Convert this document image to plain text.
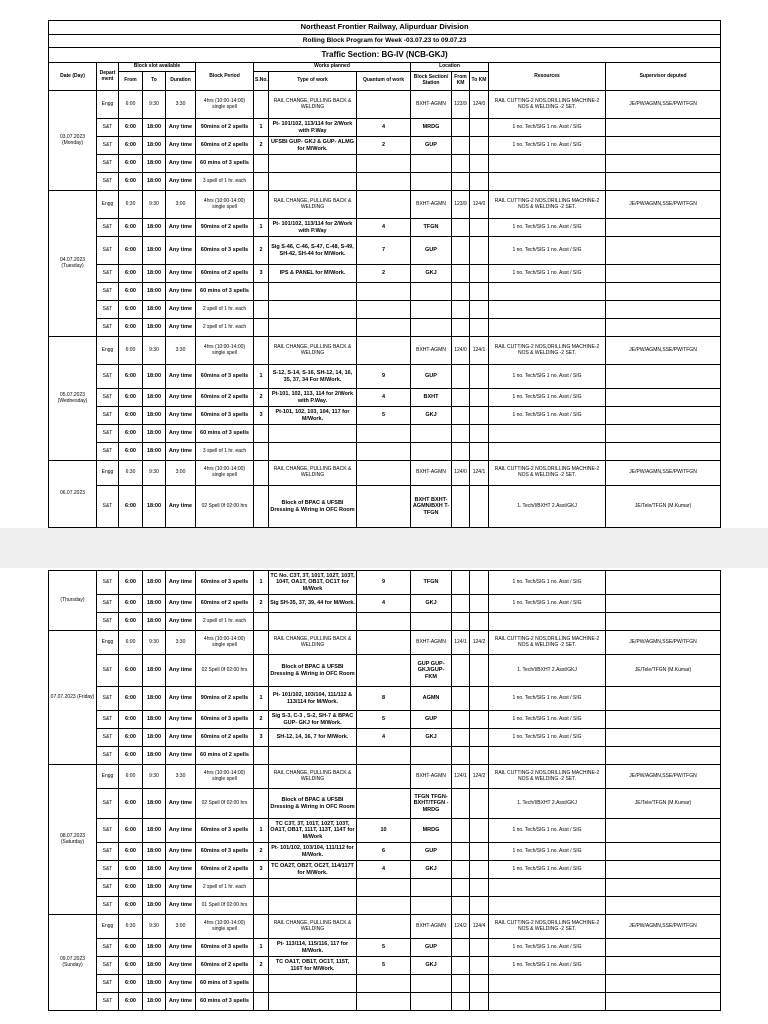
Northeast Frontier Railway, Alipurduar Division													
Rolling Block Program for Week -03.07.23 to 09.07.23													
Traffic Section: BG-IV (NCB-GKJ)													
Date (Day)	Depart ment	Block slot available			Block Period	Works planned			Location			Resources	Supervisor deputed
		From	To	Duration		S.No.	Type of work	Quantum of work	Block Section/ Station	From KM	To KM		
03.07.2023 (Monday)	Engg	6:00	9:30	3:30	4hrs (10:00-14:00) single spell		RAIL CHANGE, PULLING BACK & WELDING		BXHT-AGMN	123/9	124/0	RAIL CUTTING-2 NOS,DRILLING MACHINE-2 NOS & WELDING -2 SET.	JE/PW/AGMN,SSE/PW/TFGN
	S&T	6:00	18:00	Any time	90mins of 2 spells	1	Pt- 101/102, 113/114 for 2/Work with P.Way	4	MRDG			1 no. Tech/SIG 1 no. Asst / SIG	
	S&T	6:00	18:00	Any time	60mins of 2 spells	2	UFSBI GUP- GKJ & GUP- ALMG for M/Work.	2	GUP			1 no. Tech/SIG 1 no. Asst / SIG	
	S&T	6:00	18:00	Any time	60 mins of 3 spells								
	S&T	6:00	18:00	Any time	3 spell of 1 hr. each								
04.07.2023 (Tuesday)	Engg	6:30	9:30	3:00	4hrs (10:00-14:00) single spell		RAIL CHANGE, PULLING BACK & WELDING		BXHT-AGMN	123/9	124/0	RAIL CUTTING-2 NOS,DRILLING MACHINE-2 NOS & WELDING -2 SET.	JE/PW/AGMN,SSE/PW/TFGN
	S&T	6:00	18:00	Any time	90mins of 2 spells	1	Pt- 101/102, 113/114 for 2/Work with P.Way	4	TFGN			1 no. Tech/SIG 1 no. Asst / SIG	
	S&T	6:00	18:00	Any time	60mins of 3 spells	2	Sig S-46, C-46, S-47, C-48, S-49, SH-42, SH-44 for M/Work.	7	GUP			1 no. Tech/SIG 1 no. Asst / SIG	
	S&T	6:00	18:00	Any time	60mins of 2 spells	3	IPS & PANEL for M/Work.	2	GKJ			1 no. Tech/SIG 1 no. Asst / SIG	
	S&T	6:00	18:00	Any time	60 mins of 3 spells								
	S&T	6:00	18:00	Any time	2 spell of 1 hr. each								
	S&T	6:00	18:00	Any time	2 spell of 1 hr. each								
05.07.2023 (Wednesday)	Engg	6:00	9:30	3:30	4hrs (10:00-14:00) single spell		RAIL CHANGE, PULLING BACK & WELDING		BXHT-AGMN	124/0	124/1	RAIL CUTTING-2 NOS,DRILLING MACHINE-2 NOS & WELDING -2 SET.	JE/PW/AGMN,SSE/PW/TFGN
	S&T	6:00	18:00	Any time	60mins of 3 spells	1	S-12, S-14, S-16, SH-12, 14, 16, 35, 37, 34 For M/Work.	9	GUP			1 no. Tech/SIG 1 no. Asst / SIG	
	S&T	6:00	18:00	Any time	60mins of 2 spells	2	Pt-101, 102, 113, 114 for 2/Work with P.Way.	4	BXHT			1 no. Tech/SIG 1 no. Asst / SIG	
	S&T	6:00	18:00	Any time	60mins of 3 spells	3	Pt-101, 102, 103, 104, 117 for M/Work.	5	GKJ			1 no. Tech/SIG 1 no. Asst / SIG	
	S&T	6:00	18:00	Any time	60 mins of 3 spells								
	S&T	6:00	18:00	Any time	3 spell of 1 hr. each								
06.07.2023	Engg	6:30	9:30	3:00	4hrs (10:00-14:00) single spell		RAIL CHANGE, PULLING BACK & WELDING		BXHT-AGMN	124/0	124/1	RAIL CUTTING-2 NOS,DRILLING MACHINE-2 NOS & WELDING -2 SET.	JE/PW/AGMN,SSE/PW/TFGN
	S&T	6:00	18:00	Any time	02 Spell 0f 02:00 hrs		Block of BPAC & UFSBI Dressing & Wiring in OFC Room		BXHT BXHT- AGMN/BXH T-TFGN			1. Tech/I/BXHT 2.Asst/GKJ	JE/Tele/TFGN (M.Kumar)
(Thursday)	S&T	6:00	18:00	Any time	60mins of 3 spells	1	TC No. C3T, 3T, 101T, 102T, 103T, 104T, OA1T, OB1T, OC1T for M/Work	9	TFGN			1 no. Tech/SIG 1 no. Asst / SIG	
	S&T	6:00	18:00	Any time	60mins of 2 spells	2	Sig SH-35, 37, 39, 44 for M/Work.	4	GKJ			1 no. Tech/SIG 1 no. Asst / SIG	
	S&T	6:00	18:00	Any time	2 spell of 1 hr. each								
07.07.2023 (Friday)	Engg	6:00	9:30	3:30	4hrs (10:00-14:00) single spell		RAIL CHANGE, PULLING BACK & WELDING		BXHT-AGMN	124/1	124/2	RAIL CUTTING-2 NOS,DRILLING MACHINE-2 NOS & WELDING -2 SET.	JE/PW/AGMN,SSE/PW/TFGN
	S&T	6:00	18:00	Any time	02 Spell 0f 02:00 hrs		Block of BPAC & UFSBI Dressing & Wiring in OFC Room		GUP GUP- GKJ/GUP- FKM			1. Tech/I/BXHT 2.Asst/GKJ	JE/Tele/TFGN (M.Kumar)
	S&T	6:00	18:00	Any time	90mins of 2 spells	1	Pt- 101/102, 103/104, 111/112 & 113/114 for M/Work.	8	AGMN			1 no. Tech/SIG 1 no. Asst / SIG	
	S&T	6:00	18:00	Any time	60mins of 3 spells	2	Sig S-3, C-3 , S-2, SH-7 & BPAC GUP- GKJ for M/Work.	5	GUP			1 no. Tech/SIG 1 no. Asst / SIG	
	S&T	6:00	18:00	Any time	60mins of 2 spells	3	SH-12, 14, 16, 7 for M/Work.	4	GKJ			1 no. Tech/SIG 1 no. Asst / SIG	
	S&T	6:00	18:00	Any time	60 mins of 2 spells								
08.07.2023 (Saturday)	Engg	6:00	9:30	3:30	4hrs (10:00-14:00) single spell		RAIL CHANGE, PULLING BACK & WELDING		BXHT-AGMN	124/1	124/2	RAIL CUTTING-2 NOS,DRILLING MACHINE-2 NOS & WELDING -2 SET.	JE/PW/AGMN,SSE/PW/TFGN
	S&T	6:00	18:00	Any time	02 Spell 0f 02:00 hrs		Block of BPAC & UFSBI Dressing & Wiring in OFC Room		TFGN TFGN- BXHT/TFGN -MRDG			1. Tech/I/BXHT 2.Asst/GKJ	JE/Tele/TFGN (M.Kumar)
	S&T	6:00	18:00	Any time	60mins of 3 spells	1	TC C3T, 3T, 101T, 102T, 103T, OA1T, OB1T, 111T, 113T, 114T for M/Work	10	MRDG			1 no. Tech/SIG 1 no. Asst / SIG	
	S&T	6:00	18:00	Any time	60mins of 3 spells	2	Pt- 101/102, 103/104, 111/112 for M/Work.	6	GUP			1 no. Tech/SIG 1 no. Asst / SIG	
	S&T	6:00	18:00	Any time	60mins of 2 spells	3	TC OA2T, OB2T, OC2T, 114/117T for M/Work.	4	GKJ			1 no. Tech/SIG 1 no. Asst / SIG	
	S&T	6:00	18:00	Any time	2 spell of 1 hr. each								
	S&T	6:00	18:00	Any time	01 Spell 0f 02:00 hrs								
09.07.2023 (Sunday)	Engg	6:30	9:30	3:00	4hrs (10:00-14:00) single spell		RAIL CHANGE, PULLING BACK & WELDING		BXHT-AGMN	124/2	124/4	RAIL CUTTING-2 NOS,DRILLING MACHINE-2 NOS & WELDING -2 SET.	JE/PW/AGMN,SSE/PW/TFGN
	S&T	6:00	18:00	Any time	60mins of 3 spells	1	Pt- 113/114, 115/116, 117 for M/Work.	5	GUP			1 no. Tech/SIG 1 no. Asst / SIG	
	S&T	6:00	18:00	Any time	60mins of 2 spells	2	TC OA1T, OB1T, OC1T, 115T, 116T for M/Work.	5	GKJ			1 no. Tech/SIG 1 no. Asst / SIG	
	S&T	6:00	18:00	Any time	60 mins of 3 spells								
	S&T	6:00	18:00	Any time	60 mins of 3 spells								
